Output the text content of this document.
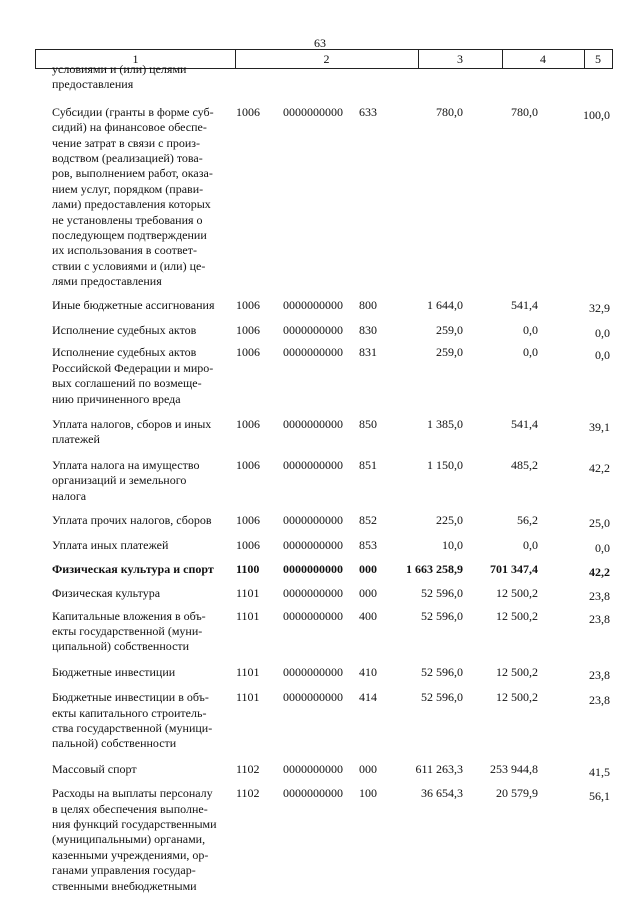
63
1	2	3	4	5
условиями и (или) целями
предоставления
Субсидии (гранты в форме суб-
сидий) на финансовое обеспе-
чение затрат в связи с произ-
водством (реализацией) това-
ров, выполнением работ, оказа-
нием услуг, порядком (прави-
лами) предоставления которых
не установлены требования о
последующем подтверждении
их использования в соответ-
ствии с условиями и (или) це-
лями предоставления
1006	0000000000	633	780,0	780,0	100,0
Иные бюджетные ассигнования	1006	0000000000	800	1 644,0	541,4	32,9
Исполнение судебных актов	1006	0000000000	830	259,0	0,0	0,0
Исполнение судебных актов
Российской Федерации и миро-
вых соглашений по возмеще-
нию причиненного вреда
1006	0000000000	831	259,0	0,0	0,0
Уплата налогов, сборов и иных
платежей
1006	0000000000	850	1 385,0	541,4	39,1
Уплата налога на имущество
организаций и земельного
налога
1006	0000000000	851	1 150,0	485,2	42,2
Уплата прочих налогов, сборов	1006	0000000000	852	225,0	56,2	25,0
Уплата иных платежей	1006	0000000000	853	10,0	0,0	0,0
Физическая культура и спорт	1100	0000000000	000	1 663 258,9	701 347,4	42,2
Физическая культура	1101	0000000000	000	52 596,0	12 500,2	23,8
Капитальные вложения в объ-
екты государственной (муни-
ципальной) собственности
1101	0000000000	400	52 596,0	12 500,2	23,8
Бюджетные инвестиции	1101	0000000000	410	52 596,0	12 500,2	23,8
Бюджетные инвестиции в объ-
екты капитального строитель-
ства государственной (муници-
пальной) собственности
1101	0000000000	414	52 596,0	12 500,2	23,8
Массовый спорт	1102	0000000000	000	611 263,3	253 944,8	41,5
Расходы на выплаты персоналу
в целях обеспечения выполне-
ния функций государственными
(муниципальными) органами,
казенными учреждениями, ор-
ганами управления государ-
ственными внебюджетными
1102	0000000000	100	36 654,3	20 579,9	56,1
